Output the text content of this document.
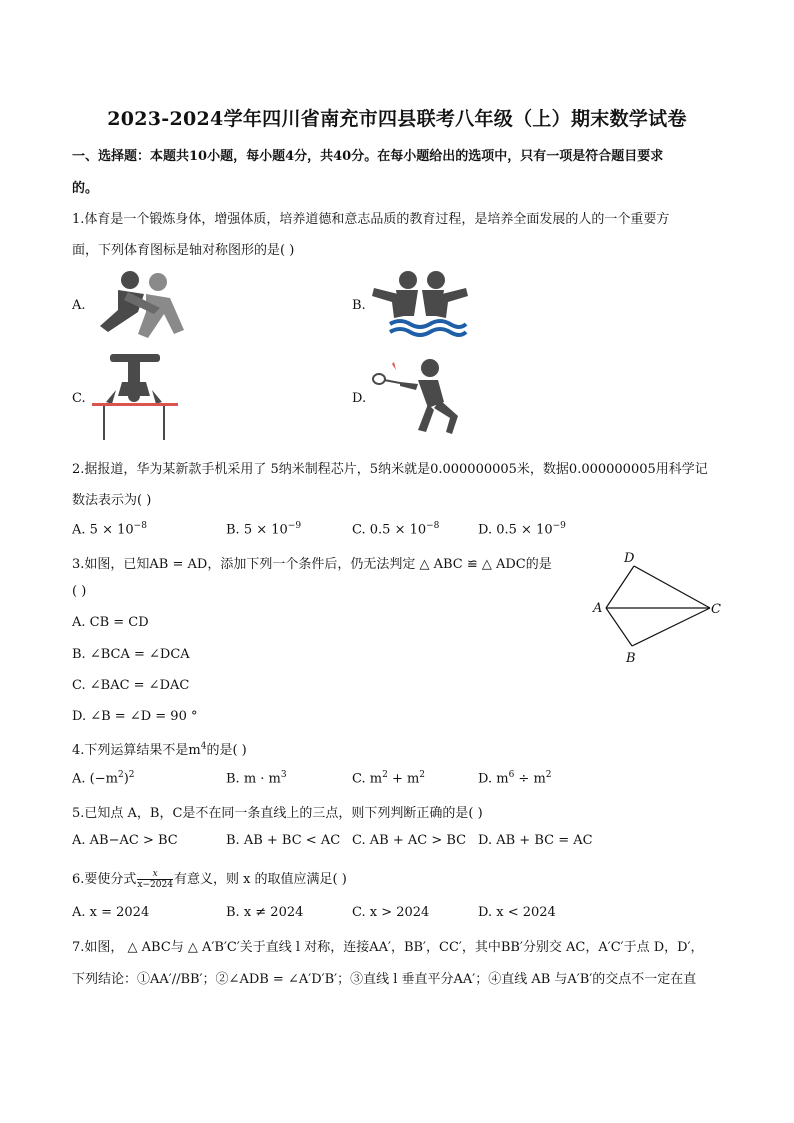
2023-2024学年四川省南充市四县联考八年级（上）期末数学试卷
一、选择题：本题共10小题，每小题4分，共40分。在每小题给出的选项中，只有一项是符合题目要求
的。
1.体育是一个锻炼身体，增强体质，培养道德和意志品质的教育过程，是培养全面发展的人的一个重要方
面，下列体育图标是轴对称图形的是( )
A.	B.
C.	D.
2.据报道，华为某新款手机采用了 5纳米制程芯片，5纳米就是0.000000005米，数据0.000000005用科学记
数法表示为( )
A. $5 \times 10^{-8}$	B. $5 \times 10^{-9}$	C. $0.5 \times 10^{-8}$	D. $0.5 \times 10^{-9}$
3.如图，已知AB = AD，添加下列一个条件后，仍无法判定 △ ABC ≌ △ ADC的是
( )
A. CB = CD
B. ∠BCA = ∠DCA
C. ∠BAC = ∠DAC
D. ∠B = ∠D = 90 °
D
A	C
B
4.下列运算结果不是$m^4$的是( )
A. $(-m^2)^2$	B. $m \cdot m^3$	C. $m^2 + m^2$	D. $m^6 \div m^2$
5.已知点 A，B，C是不在同一条直线上的三点，则下列判断正确的是( )
A. AB−AC > BC	B. AB + BC < AC C. AB + AC > BC D. AB + BC = AC
6.要使分式 $\frac{x}{x-2024}$ 有意义，则 x 的取值应满足( )
A. x = 2024	B. x ≠ 2024	C. x > 2024	D. x < 2024
7.如图， △ ABC与 △ A′B′C′关于直线 l 对称，连接AA′，BB′，CC′，其中BB′分别交 AC，A′C′于点 D，D′，
下列结论：①AA′//BB′；②∠ADB = ∠A′D′B′；③直线 l 垂直平分AA′；④直线 AB 与A′B′的交点不一定在直
